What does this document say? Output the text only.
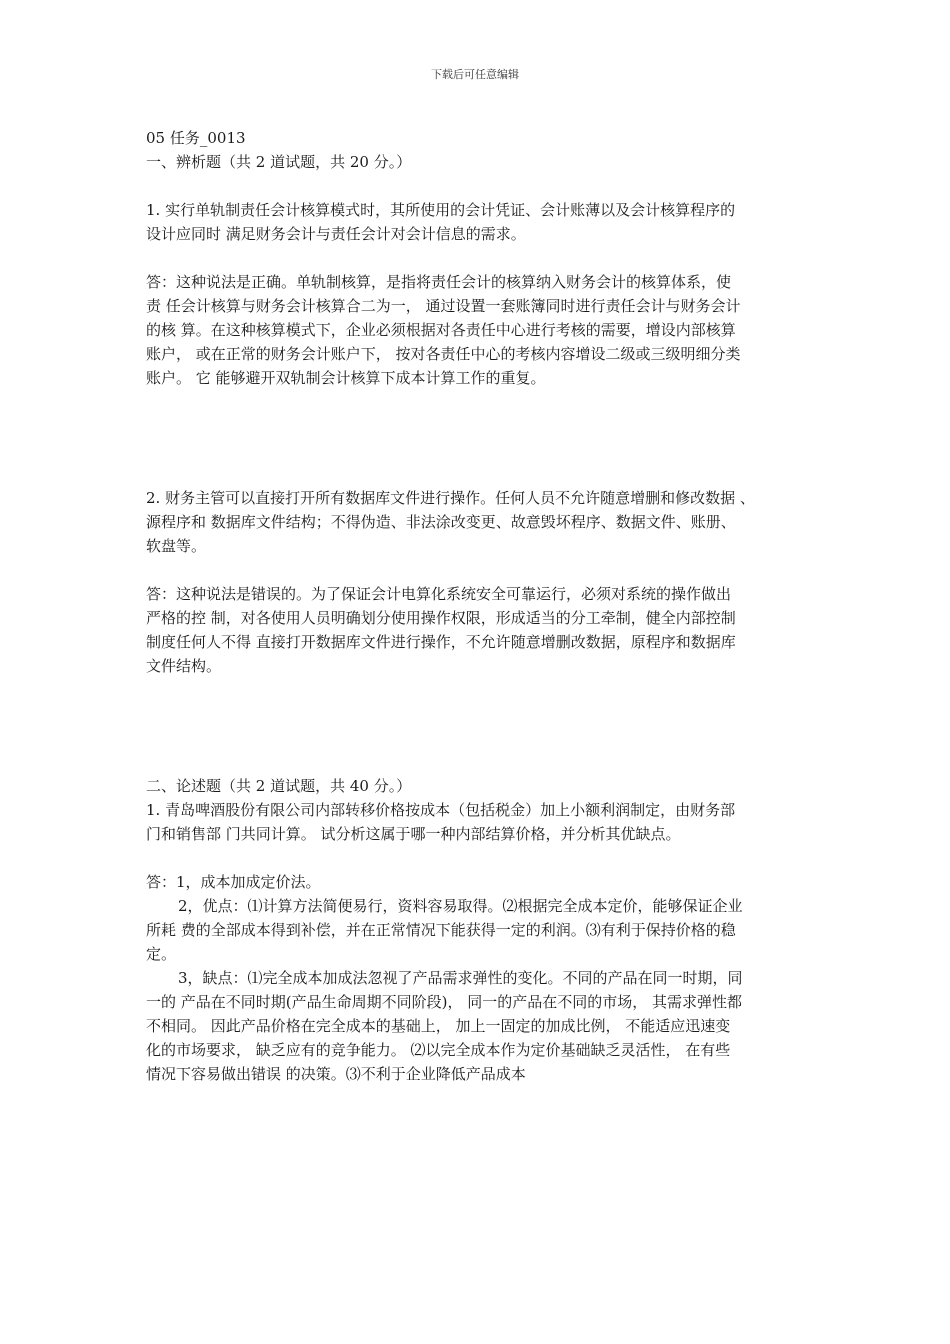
下载后可任意编辑
05 任务_0013
一、辨析题（共 2 道试题，共 20 分。）
1. 实行单轨制责任会计核算模式时，其所使用的会计凭证、会计账薄以及会计核算程序的
设计应同时 满足财务会计与责任会计对会计信息的需求。
答：这种说法是正确。单轨制核算，是指将责任会计的核算纳入财务会计的核算体系，使
责 任会计核算与财务会计核算合二为一， 通过设置一套账簿同时进行责任会计与财务会计
的核 算。在这种核算模式下，企业必须根据对各责任中心进行考核的需要，增设内部核算
账户， 或在正常的财务会计账户下， 按对各责任中心的考核内容增设二级或三级明细分类
账户。 它 能够避开双轨制会计核算下成本计算工作的重复。
2. 财务主管可以直接打开所有数据库文件进行操作。任何人员不允许随意增删和修改数据 、
源程序和 数据库文件结构；不得伪造、非法涂改变更、故意毁坏程序、数据文件、账册、
软盘等。
答：这种说法是错误的。为了保证会计电算化系统安全可靠运行，必须对系统的操作做出
严格的控 制，对各使用人员明确划分使用操作权限，形成适当的分工牵制，健全内部控制
制度任何人不得 直接打开数据库文件进行操作，不允许随意增删改数据，原程序和数据库
文件结构。
二、论述题（共 2 道试题，共 40 分。）
1. 青岛啤酒股份有限公司内部转移价格按成本（包括税金）加上小额利润制定，由财务部
门和销售部 门共同计算。 试分析这属于哪一种内部结算价格，并分析其优缺点。
答：1，成本加成定价法。
2，优点：⑴计算方法简便易行，资料容易取得。⑵根据完全成本定价，能够保证企业
所耗 费的全部成本得到补偿，并在正常情况下能获得一定的利润。⑶有利于保持价格的稳
定。
3，缺点：⑴完全成本加成法忽视了产品需求弹性的变化。不同的产品在同一时期，同
一的 产品在不同时期(产品生命周期不同阶段)， 同一的产品在不同的市场， 其需求弹性都
不相同。 因此产品价格在完全成本的基础上， 加上一固定的加成比例， 不能适应迅速变
化的市场要求， 缺乏应有的竞争能力。 ⑵以完全成本作为定价基础缺乏灵活性， 在有些
情况下容易做出错误 的决策。⑶不利于企业降低产品成本
